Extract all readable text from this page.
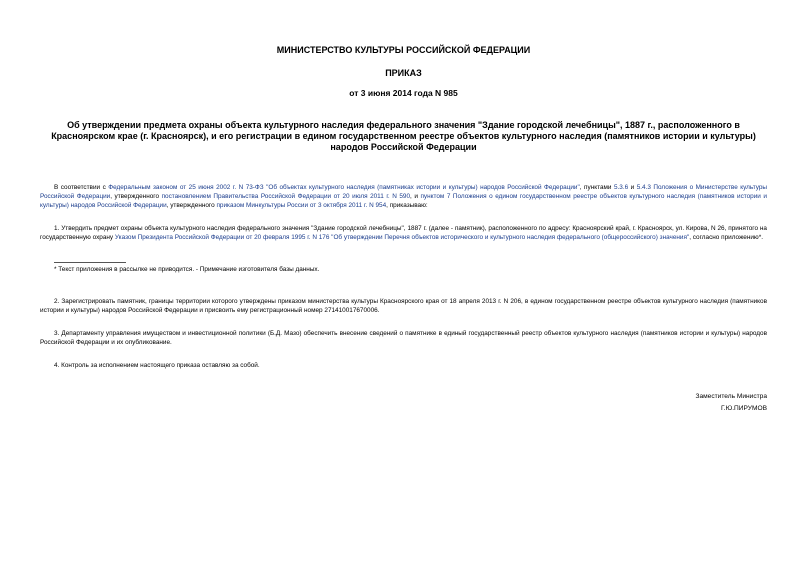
МИНИСТЕРСТВО КУЛЬТУРЫ РОССИЙСКОЙ ФЕДЕРАЦИИ
ПРИКАЗ
от 3 июня 2014 года N 985
Об утверждении предмета охраны объекта культурного наследия федерального значения "Здание городской лечебницы", 1887 г., расположенного в Красноярском крае (г. Красноярск), и его регистрации в едином государственном реестре объектов культурного наследия (памятников истории и культуры) народов Российской Федерации
В соответствии с Федеральным законом от 25 июня 2002 г. N 73-ФЗ "Об объектах культурного наследия (памятниках истории и культуры) народов Российской Федерации", пунктами 5.3.6 и 5.4.3 Положения о Министерстве культуры Российской Федерации, утвержденного постановлением Правительства Российской Федерации от 20 июля 2011 г. N 590, и пунктом 7 Положения о едином государственном реестре объектов культурного наследия (памятников истории и культуры) народов Российской Федерации, утвержденного приказом Минкультуры России от 3 октября 2011 г. N 954, приказываю:
1. Утвердить предмет охраны объекта культурного наследия федерального значения "Здание городской лечебницы", 1887 г. (далее - памятник), расположенного по адресу: Красноярский край, г. Красноярск, ул. Кирова, N 26, принятого на государственную охрану Указом Президента Российской Федерации от 20 февраля 1995 г. N 176 "Об утверждении Перечня объектов исторического и культурного наследия федерального (общероссийского) значения", согласно приложению*.
* Текст приложения в рассылке не приводится. - Примечание изготовителя базы данных.
2. Зарегистрировать памятник, границы территории которого утверждены приказом министерства культуры Красноярского края от 18 апреля 2013 г. N 206, в едином государственном реестре объектов культурного наследия (памятников истории и культуры) народов Российской Федерации и присвоить ему регистрационный номер 271410017670006.
3. Департаменту управления имуществом и инвестиционной политики (Б.Д. Мазо) обеспечить внесение сведений о памятнике в единый государственный реестр объектов культурного наследия (памятников истории и культуры) народов Российской Федерации и их опубликование.
4. Контроль за исполнением настоящего приказа оставляю за собой.
Заместитель Министра
Г.Ю.ПИРУМОВ
